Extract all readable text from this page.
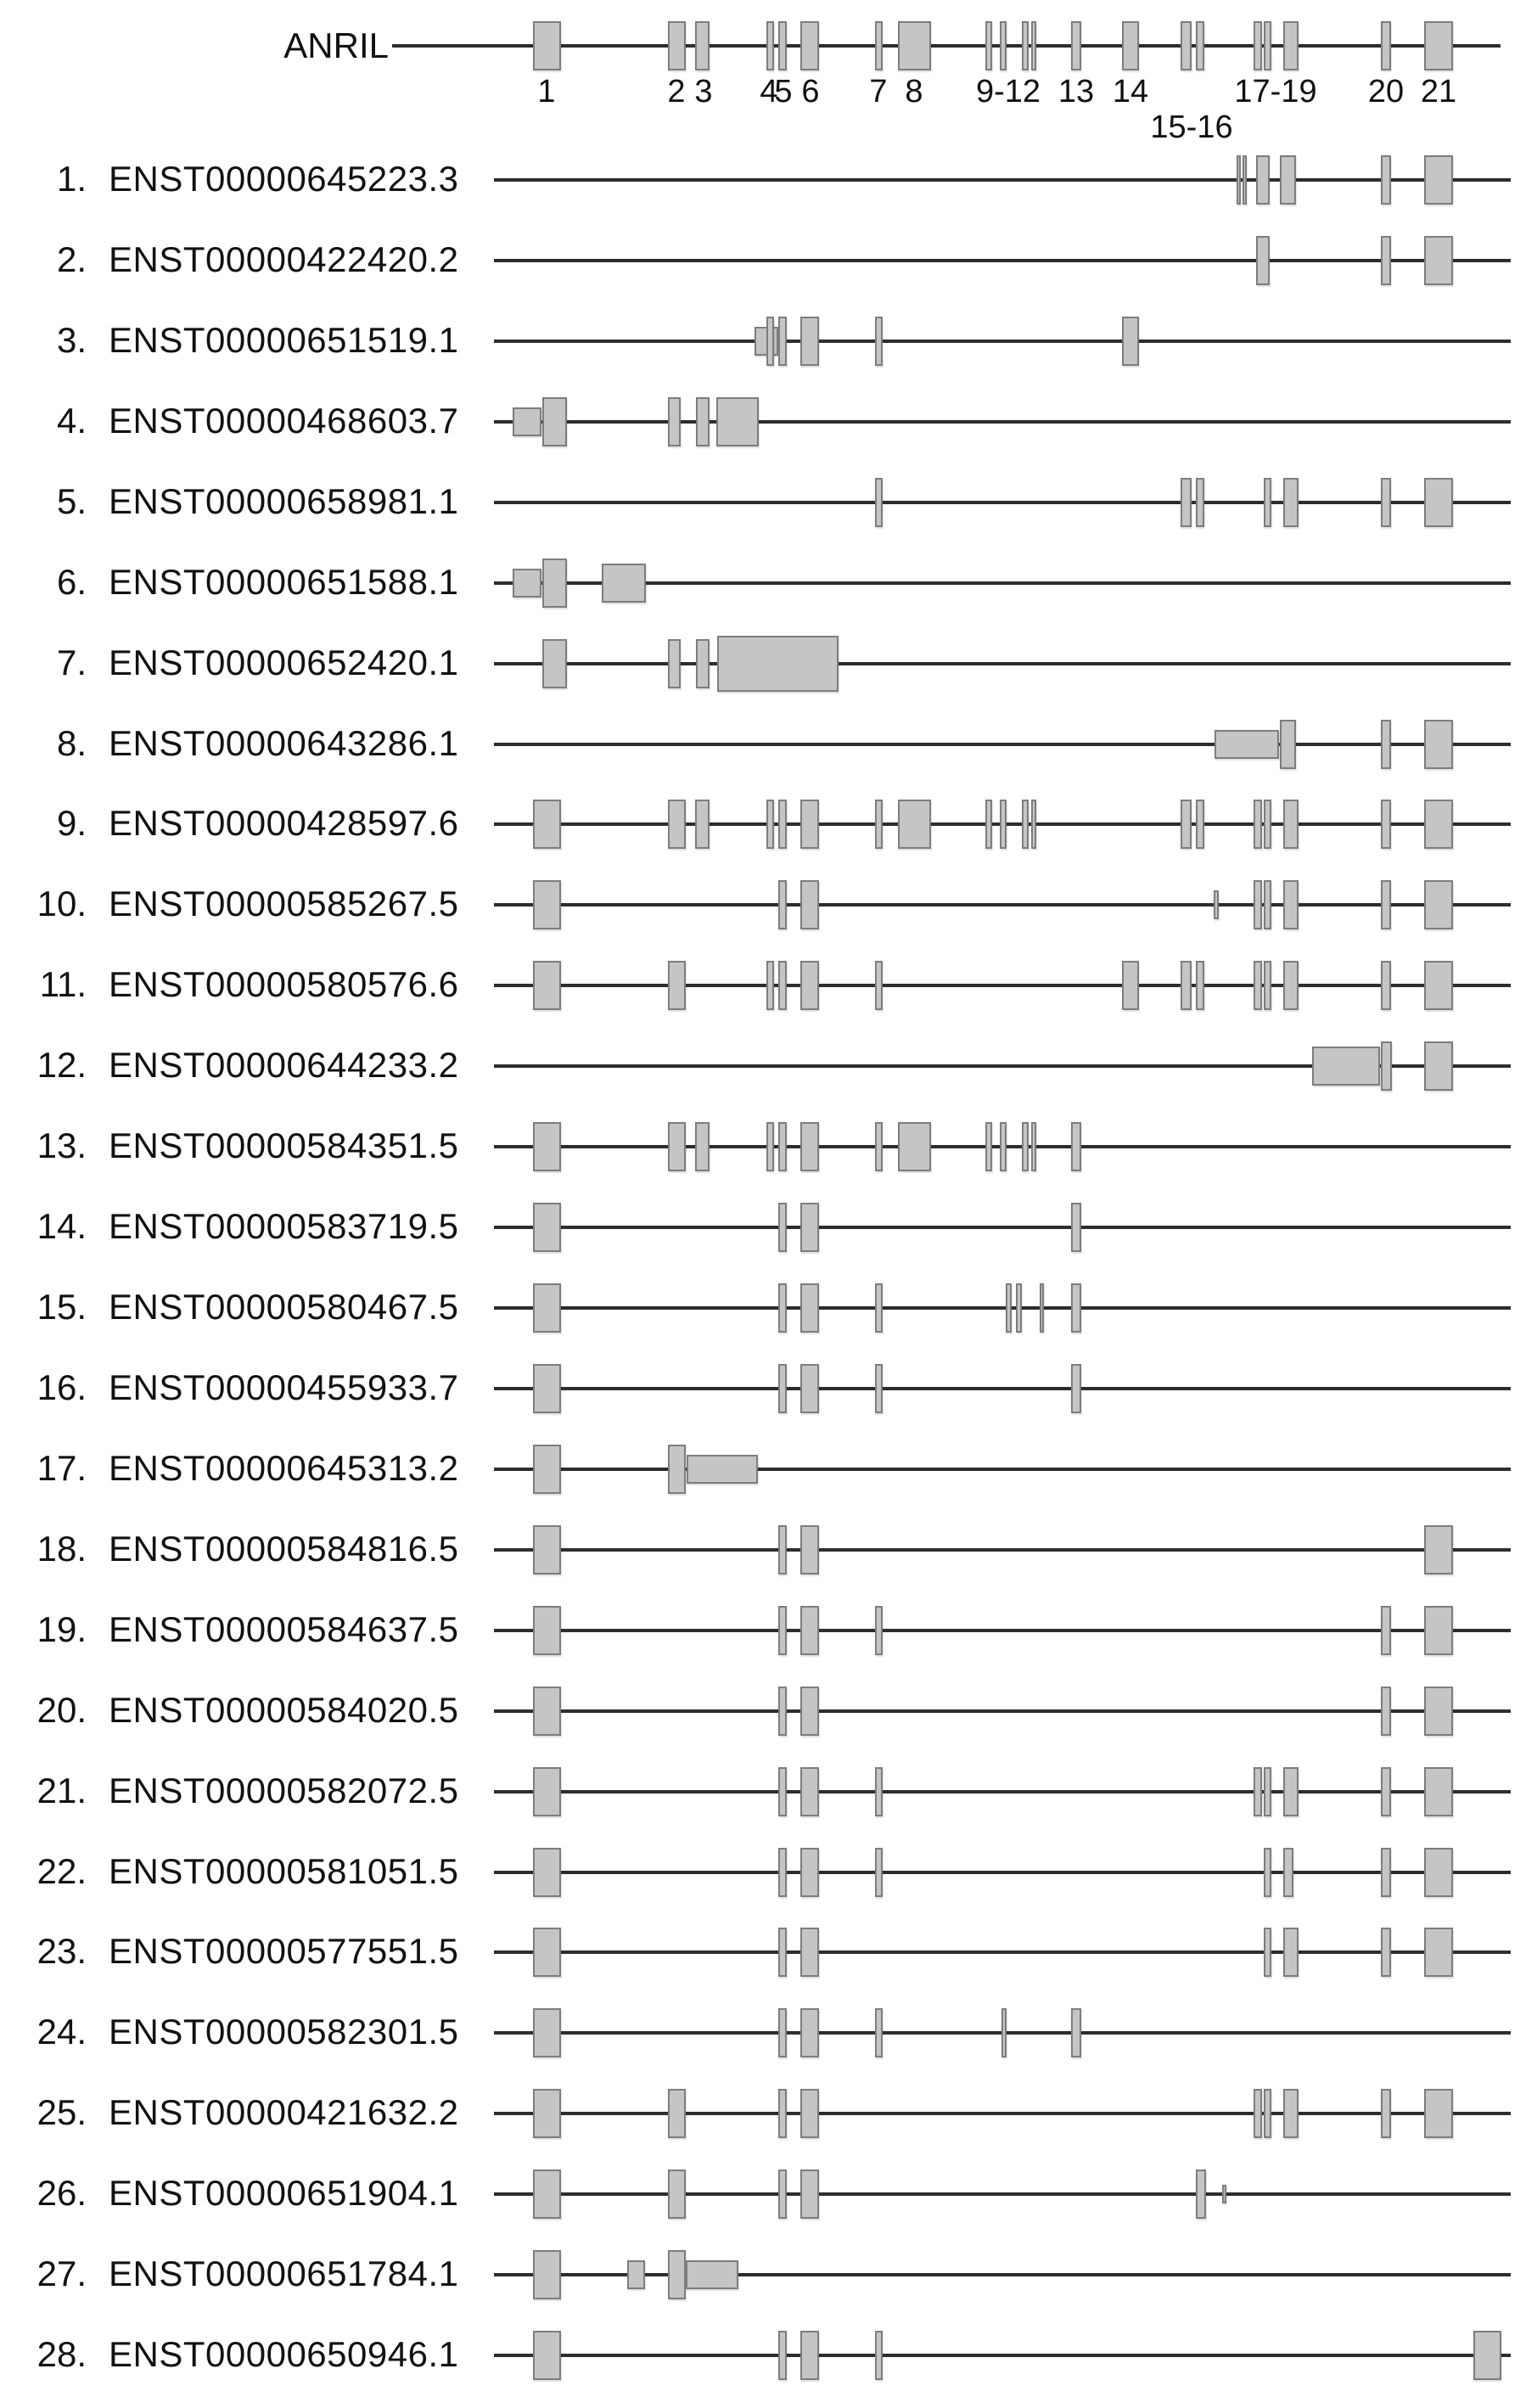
ANRIL
1	2 3 4
5 6 7 8 9-12 13 14
15-16
17-19 20 21
1. ENST00000645223.3
2. ENST00000422420.2
3. ENST00000651519.1
4. ENST00000468603.7
5. ENST00000658981.1
6. ENST00000651588.1
7. ENST00000652420.1
8. ENST00000643286.1
9. ENST00000428597.6
10. ENST00000585267.5
11. ENST00000580576.6
12. ENST00000644233.2
13. ENST00000584351.5
14. ENST00000583719.5
15. ENST00000580467.5
16. ENST00000455933.7
17. ENST00000645313.2
18. ENST00000584816.5
19. ENST00000584637.5
20. ENST00000584020.5
21. ENST00000582072.5
22. ENST00000581051.5
23. ENST00000577551.5
24. ENST00000582301.5
25. ENST00000421632.2
26. ENST00000651904.1
27. ENST00000651784.1
28. ENST00000650946.1
